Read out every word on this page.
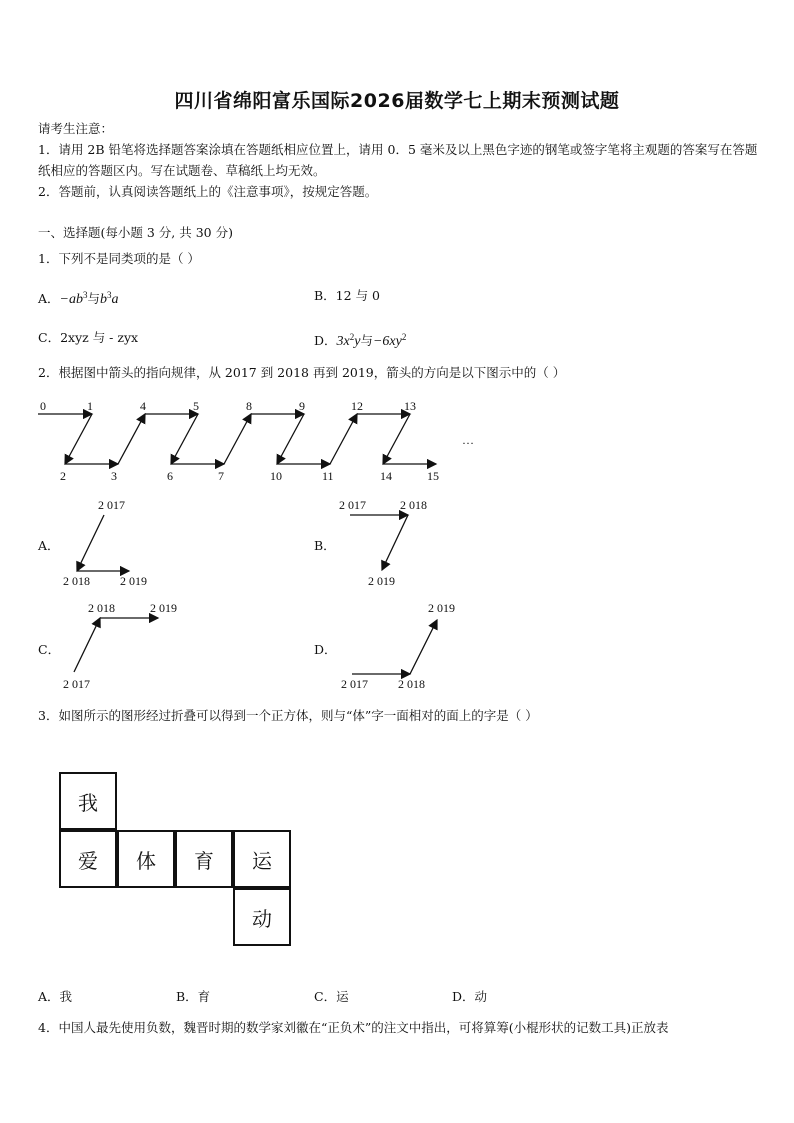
四川省绵阳富乐国际2026届数学七上期末预测试题
请考生注意：
1．请用 2B 铅笔将选择题答案涂填在答题纸相应位置上，请用 0．5 毫米及以上黑色字迹的钢笔或签字笔将主观题的答案写在答题纸相应的答题区内。写在试题卷、草稿纸上均无效。
2．答题前，认真阅读答题纸上的《注意事项》，按规定答题。
一、选择题(每小题 3 分, 共 30 分)
1．下列不是同类项的是（ ）
A．$-ab^3$与$b^3a$	B．12 与 0
C．2xyz 与 - zyx	D．$3x^2y$与$-6xy^2$
2．根据图中箭头的指向规律，从 2017 到 2018 再到 2019，箭头的方向是以下图示中的（ ）
0	1	4	5	8	9	12	13
2	3	6	7	10	11	14	15
…
A．
2 017
2 018	2 019
B．
2 017	2 018
2 019
C．
2 018	2 019
2 017
D．
2 019
2 017	2 018
3．如图所示的图形经过折叠可以得到一个正方体，则与“体”字一面相对的面上的字是（ ）
我
爱	体	育	运
动
A．我	B．育	C．运	D．动
4．中国人最先使用负数，魏晋时期的数学家刘徽在“正负术”的注文中指出，可将算筹(小棍形状的记数工具)正放表
